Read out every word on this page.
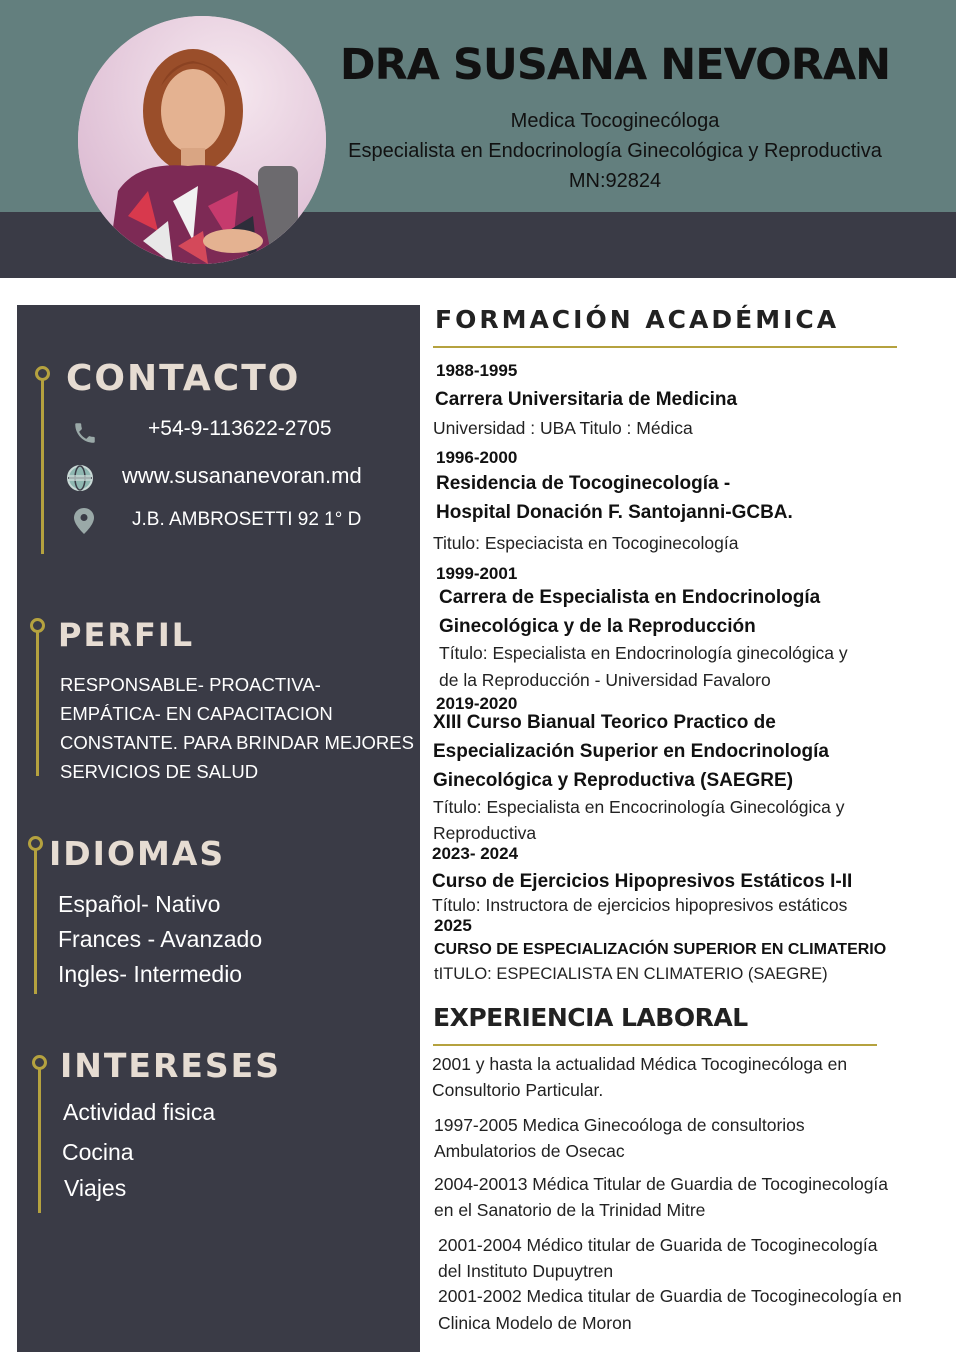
DRA SUSANA NEVORAN
Medica Tocoginecóloga
Especialista en Endocrinología Ginecológica y Reproductiva
MN:92824
CONTACTO
+54-9-113622-2705
www.susananevoran.md
J.B. AMBROSETTI 92 1° D
PERFIL
RESPONSABLE- PROACTIVA-
EMPÁTICA- EN CAPACITACION
CONSTANTE. PARA BRINDAR MEJORES
SERVICIOS DE SALUD
IDIOMAS
Español- Nativo
Frances - Avanzado
Ingles- Intermedio
INTERESES
Actividad fisica
Cocina
Viajes
FORMACIÓN ACADÉMICA
1988-1995
Carrera Universitaria de Medicina
Universidad : UBA Titulo : Médica
1996-2000
Residencia de Tocoginecología -
Hospital Donación F. Santojanni-GCBA.
Titulo: Especiacista en Tocoginecología
1999-2001
Carrera de Especialista en Endocrinología
Ginecológica y de la Reproducción
Título: Especialista en Endocrinología ginecológica y
de la Reproducción - Universidad Favaloro
2019-2020
XIII Curso Bianual Teorico Practico de
Especialización Superior en Endocrinología
Ginecológica y Reproductiva (SAEGRE)
Título: Especialista en Encocrinología Ginecológica y
Reproductiva
2023- 2024
Curso de Ejercicios Hipopresivos Estáticos I-II
Título: Instructora de ejercicios hipopresivos estáticos
2025
CURSO DE ESPECIALIZACIÓN SUPERIOR EN CLIMATERIO
tITULO: ESPECIALISTA EN CLIMATERIO (SAEGRE)
EXPERIENCIA LABORAL
2001 y hasta la actualidad Médica Tocoginecóloga en
Consultorio Particular.
1997-2005 Medica Ginecoóloga de consultorios
Ambulatorios de Osecac
2004-20013 Médica Titular de Guardia de Tocoginecología
en el Sanatorio de la Trinidad Mitre
2001-2004 Médico titular de Guarida de Tocoginecología
del Instituto Dupuytren
2001-2002 Medica titular de Guardia de Tocoginecología en
Clinica Modelo de Moron
